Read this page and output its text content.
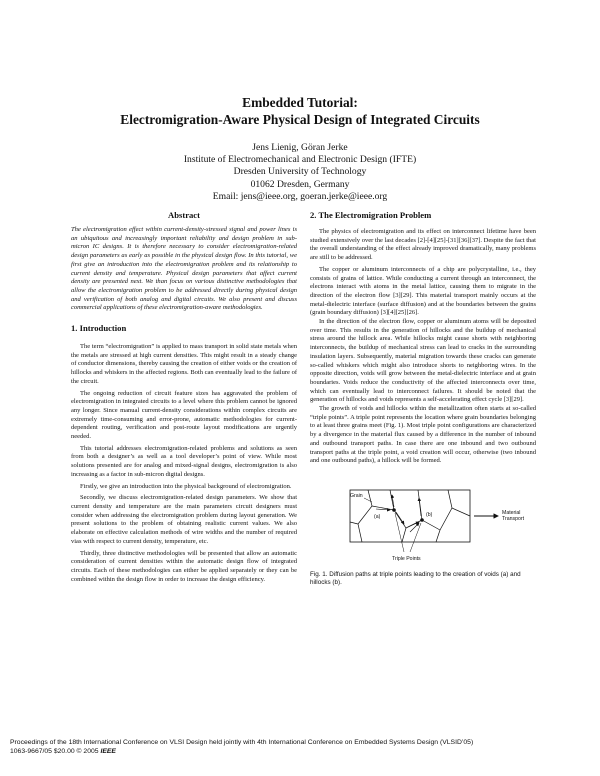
Embedded Tutorial:
Electromigration-Aware Physical Design of Integrated Circuits
Jens Lienig, Göran Jerke
Institute of Electromechanical and Electronic Design (IFTE)
Dresden University of Technology
01062 Dresden, Germany
Email: jens@ieee.org, goeran.jerke@ieee.org
Abstract

The electromigration effect within current-density-stressed signal and power lines is an ubiquitous and increasingly important reliability and design problem in sub-micron IC designs. It is therefore necessary to consider electromigration-related design parameters as early as possible in the physical design flow. In this tutorial, we first give an introduction into the electromigration problem and its relationship to current density and temperature. Physical design parameters that affect current density are presented next. We than focus on various distinctive methodologies that allow the electromigration problem to be addressed directly during physical design and verification of both analog and digital circuits. We also present and discuss commercial applications of these electromigration-aware methodologies.

1. Introduction

The term “electromigration” is applied to mass transport in solid state metals when the metals are stressed at high current densities. This might result in a steady change of conductor dimensions, thereby causing the creation of either voids or the creation of hillocks and whiskers in the affected regions. Both can eventually lead to the failure of the circuit.

The ongoing reduction of circuit feature sizes has aggravated the problem of electromigration in integrated circuits to a level where this problem cannot be ignored any longer. Since manual current-density considerations within complex circuits are extremely time-consuming and error-prone, automatic methodologies for current-dependent routing, verification and post-route layout modifications are urgently needed.

This tutorial addresses electromigration-related problems and solutions as seen from both a designer’s as well as a tool developer’s point of view. While most solutions presented are for analog and mixed-signal designs, electromigration is also increasing as a factor in sub-micron digital designs.

Firstly, we give an introduction into the physical background of electromigration.

Secondly, we discuss electromigration-related design parameters. We show that current density and temperature are the main parameters circuit designers must consider when addressing the electromigration problem during layout generation. We present solutions to the problem of obtaining realistic current values. We also elaborate on effective calculation methods of wire widths and the number of required vias with respect to current density, temperature, etc.

Thirdly, three distinctive methodologies will be presented that allow an automatic consideration of current densities within the automatic design flow of integrated circuits. Each of these methodologies can either be applied separately or they can be combined within the design flow in order to increase the design efficiency.

2. The Electromigration Problem

The physics of electromigration and its effect on interconnect lifetime have been studied extensively over the last decades [2]-[4][25]-[31][36][37]. Despite the fact that the overall understanding of the effect already improved dramatically, many problems are still to be addressed.

The copper or aluminum interconnects of a chip are polycrystalline, i.e., they consists of grains of lattice. While conducting a current through an interconnect, the electrons interact with atoms in the metal lattice, causing them to migrate in the direction of the electron flow [3][29]. This material transport mainly occurs at the metal-dielectric interface (surface diffusion) and at the boundaries between the grains (grain boundary diffusion) [3][4][25][26].

In the direction of the electron flow, copper or aluminum atoms will be deposited over time. This results in the generation of hillocks and the buildup of mechanical stress around the hillock area. While hillocks might cause shorts with neighboring interconnects, the buildup of mechanical stress can lead to cracks in the surrounding insulation layers. Subsequently, material migration towards these cracks can generate so-called whiskers which might also introduce shorts to neighboring wires. In the opposite direction, voids will grow between the metal-dielectric interface and at grain boundaries. Voids reduce the conductivity of the affected interconnects over time, which can eventually lead to interconnect failures. It should be noted that the generation of hillocks and voids represents a self-accelerating effect cycle [3][29].

The growth of voids and hillocks within the metallization often starts at so-called “triple points”. A triple point represents the location where grain boundaries belonging to at least three grains meet (Fig. 1). Most triple point configurations are characterized by a divergence in the material flux caused by a difference in the number of inbound and outbound transport paths. In case there are one inbound and two outbound transport paths at the triple point, a void creation will occur, otherwise (two inbound and one outbound paths), a hillock will be formed.

Grain
(a)	(b)
Triple Points
Material
Transport

Fig. 1. Diffusion paths at triple points leading to the creation of voids (a) and hillocks (b).

Proceedings of the 18th International Conference on VLSI Design held jointly with 4th International Conference on Embedded Systems Design (VLSID’05)
1063-9667/05 $20.00 © 2005 IEEE
